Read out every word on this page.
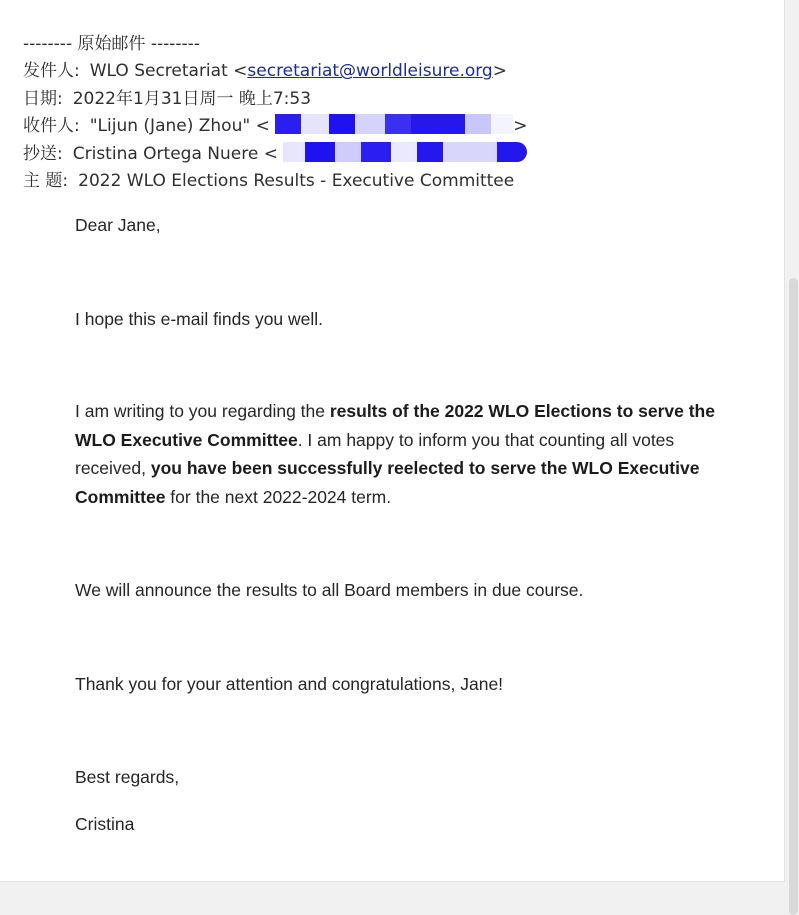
-------- 原始邮件 --------
发件人: WLO Secretariat <secretariat@worldleisure.org>
日期: 2022年1月31日周一 晚上7:53
收件人: "Lijun (Jane) Zhou" <	>
抄送: Cristina Ortega Nuere <
主 题: 2022 WLO Elections Results - Executive Committee

Dear Jane,

I hope this e-mail finds you well.

I am writing to you regarding the results of the 2022 WLO Elections to serve the WLO Executive Committee. I am happy to inform you that counting all votes received, you have been successfully reelected to serve the WLO Executive Committee for the next 2022-2024 term.

We will announce the results to all Board members in due course.

Thank you for your attention and congratulations, Jane!

Best regards,

Cristina
